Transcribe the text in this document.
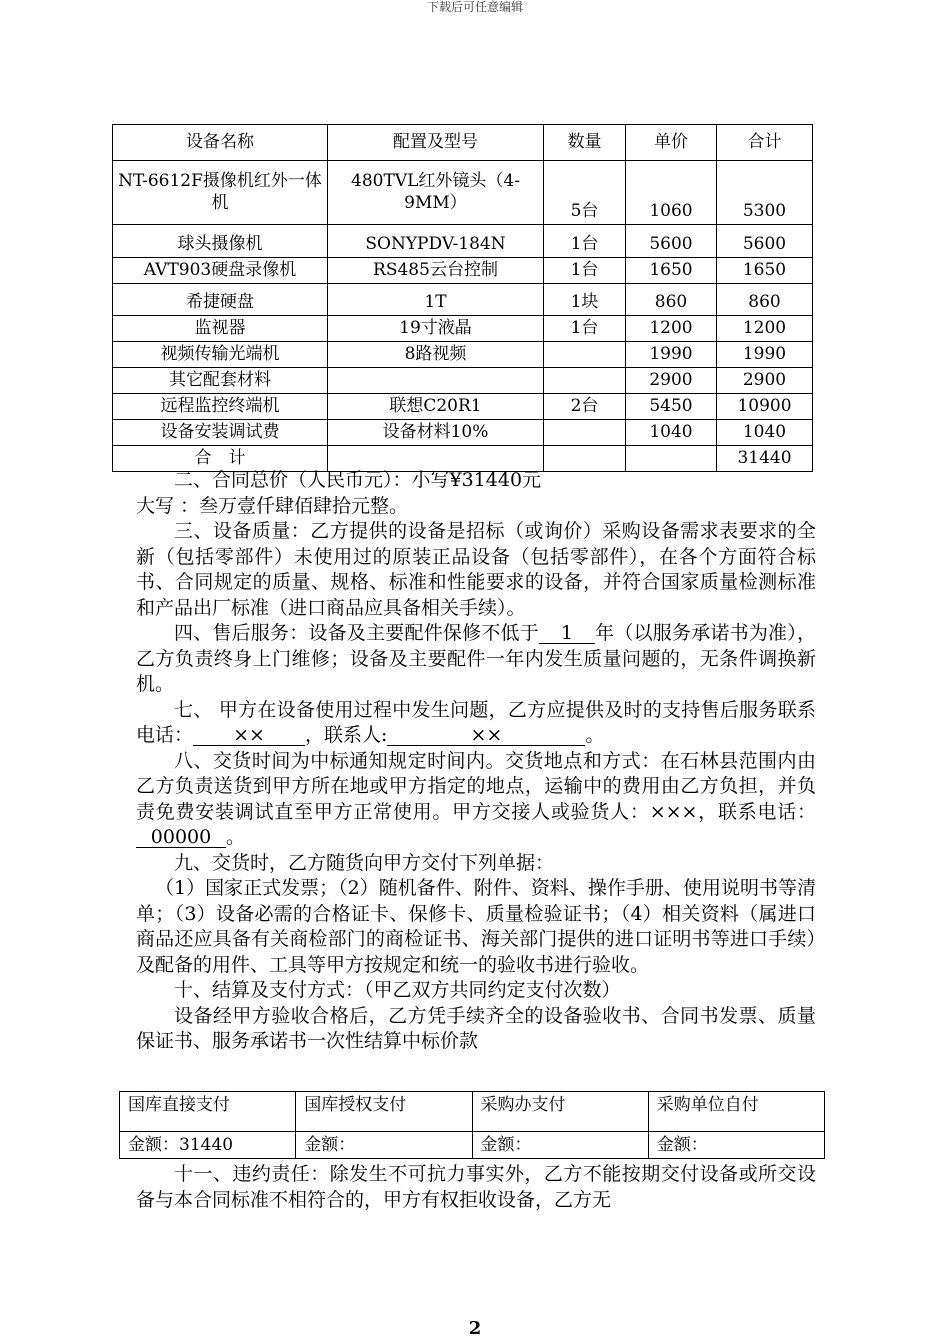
下载后可任意编辑
设备名称	配置及型号	数量	单价	合计
NT-6612F摄像机红外一体机	480TVL红外镜头（4-9MM）	5台	1060	5300
球头摄像机	SONYPDV-184N	1台	5600	5600
AVT903硬盘录像机	RS485云台控制	1台	1650	1650
希捷硬盘	1T	1块	860	860
监视器	19寸液晶	1台	1200	1200
视频传输光端机	8路视频		1990	1990
其它配套材料			2900	2900
远程监控终端机	联想C20R1	2台	5450	10900
设备安装调试费	设备材料10%		1040	1040
合　计				31440

二、合同总价（人民币元）：小写¥31440元

大写 ：叁万壹仟肆佰肆拾元整。

三、设备质量：乙方提供的设备是招标（或询价）采购设备需求表要求的全新（包括零部件）未使用过的原装正品设备（包括零部件），在各个方面符合标书、合同规定的质量、规格、标准和性能要求的设备，并符合国家质量检测标准和产品出厂标准（进口商品应具备相关手续）。

四、售后服务：设备及主要配件保修不低于 1 年（以服务承诺书为准），乙方负责终身上门维修；设备及主要配件一年内发生质量问题的，无条件调换新机。

七、 甲方在设备使用过程中发生问题，乙方应提供及时的支持售后服务联系电话： ×× ，联系人:	××	。

八、交货时间为中标通知规定时间内。交货地点和方式：在石林县范围内由乙方负责送货到甲方所在地或甲方指定的地点，运输中的费用由乙方负担，并负责免费安装调试直至甲方正常使用。甲方交接人或验货人：×××，联系电话：00000 。

九、交货时，乙方随货向甲方交付下列单据：

（1）国家正式发票；（2）随机备件、附件、资料、操作手册、使用说明书等清单；（3）设备必需的合格证卡、保修卡、质量检验证书；（4）相关资料（属进口商品还应具备有关商检部门的商检证书、海关部门提供的进口证明书等进口手续）及配备的用件、工具等甲方按规定和统一的验收书进行验收。

十、结算及支付方式：（甲乙双方共同约定支付次数）

设备经甲方验收合格后，乙方凭手续齐全的设备验收书、合同书发票、质量保证书、服务承诺书一次性结算中标价款

国库直接支付	国库授权支付	采购办支付	采购单位自付
金额：31440	金额：	金额：	金额：

十一、违约责任：除发生不可抗力事实外，乙方不能按期交付设备或所交设备与本合同标准不相符合的，甲方有权拒收设备，乙方无

2
